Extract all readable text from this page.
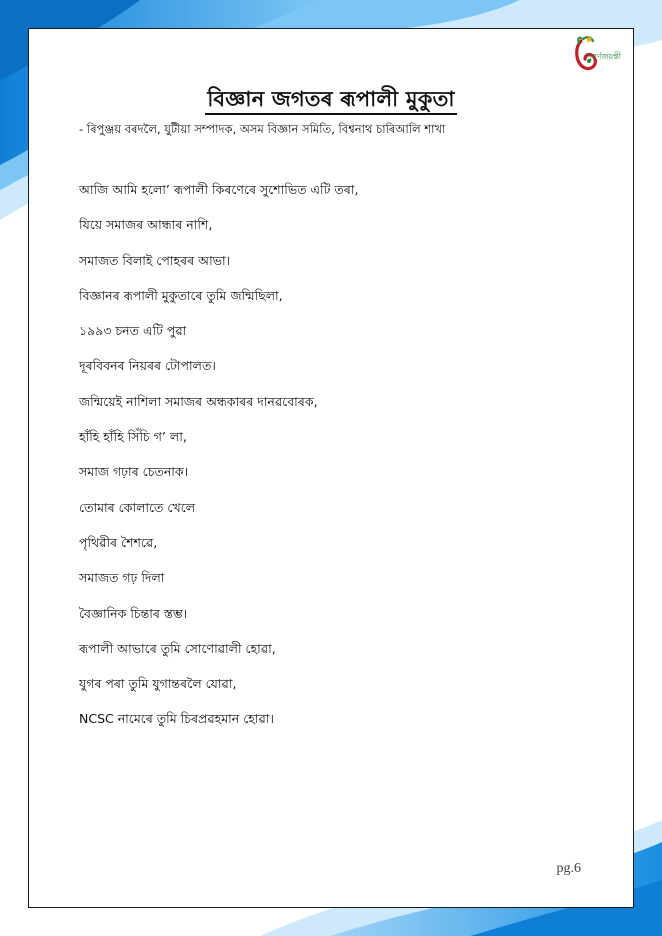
সুবৰ্ণজয়ন্তী
বিজ্ঞান জগতৰ ৰূপালী মুকুতা
- ৰিপুঞ্জয় বৰদলৈ, যুটীয়া সম্পাদক, অসম বিজ্ঞান সমিতি, বিশ্বনাথ চাৰিআলি শাখা
আজি আমি হলো’ ৰূপালী কিৰণেৰে সুশোভিত এটি তৰা,
যিয়ে সমাজৰ আন্ধাৰ নাশি,
সমাজত বিলাই পোহৰৰ আভা।
বিজ্ঞানৰ ৰূপালী মুকুতাৰে তুমি জন্মিছিলা,
১৯৯৩ চনত এটি পুৱা
দূৰবিবনৰ নিয়ৰৰ টোপালত।
জন্মিয়েই নাশিলা সমাজৰ অন্ধকাৰৰ দানৱবোৰক,
হাঁহি হাঁহি সিঁচি গ’ লা,
সমাজ গঢ়াৰ চেতনাক।
তোমাৰ কোলাতে খেলে
পৃথিৱীৰ শৈশৱে,
সমাজত গঢ় দিলা
বৈজ্ঞানিক চিন্তাৰ স্তম্ভ।
ৰূপালী আভাৰে তুমি সোণোৱালী হোৱা,
যুগৰ পৰা তুমি যুগান্তৰলৈ যোৱা,
NCSC নামেৰে তুমি চিৰপ্ৰৱহমান হোৱা।
pg.6
